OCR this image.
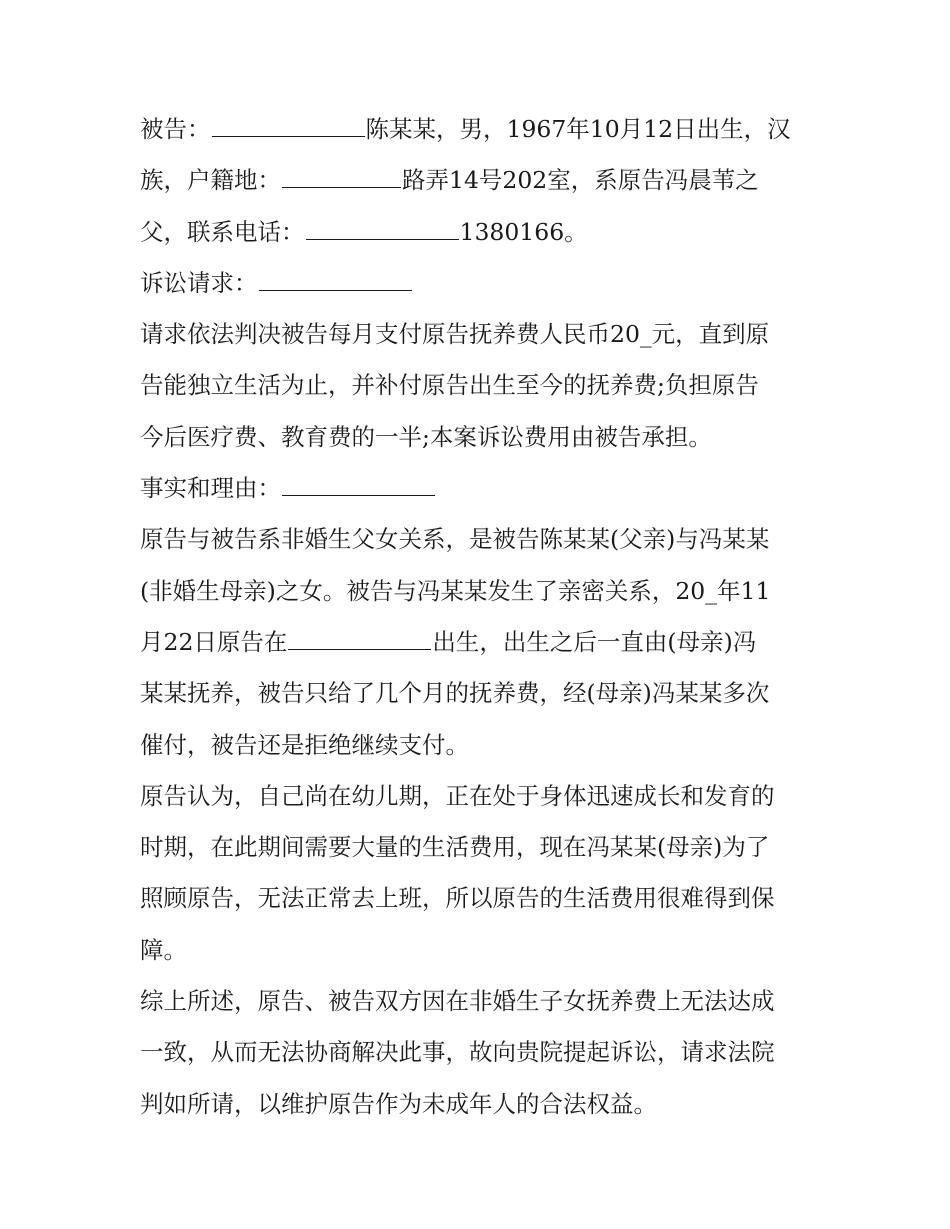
被告：	陈某某，男，1967年10月12日出生，汉
族，户籍地：	路弄14号202室，系原告冯晨苇之
父，联系电话：	1380166。
诉讼请求：
请求依法判决被告每月支付原告抚养费人民币20_元，直到原
告能独立生活为止，并补付原告出生至今的抚养费;负担原告
今后医疗费、教育费的一半;本案诉讼费用由被告承担。
事实和理由：
原告与被告系非婚生父女关系，是被告陈某某(父亲)与冯某某
(非婚生母亲)之女。被告与冯某某发生了亲密关系，20_年11
月22日原告在	出生，出生之后一直由(母亲)冯
某某抚养，被告只给了几个月的抚养费，经(母亲)冯某某多次
催付，被告还是拒绝继续支付。
原告认为，自己尚在幼儿期，正在处于身体迅速成长和发育的
时期，在此期间需要大量的生活费用，现在冯某某(母亲)为了
照顾原告，无法正常去上班，所以原告的生活费用很难得到保
障。
综上所述，原告、被告双方因在非婚生子女抚养费上无法达成
一致，从而无法协商解决此事，故向贵院提起诉讼，请求法院
判如所请，以维护原告作为未成年人的合法权益。
